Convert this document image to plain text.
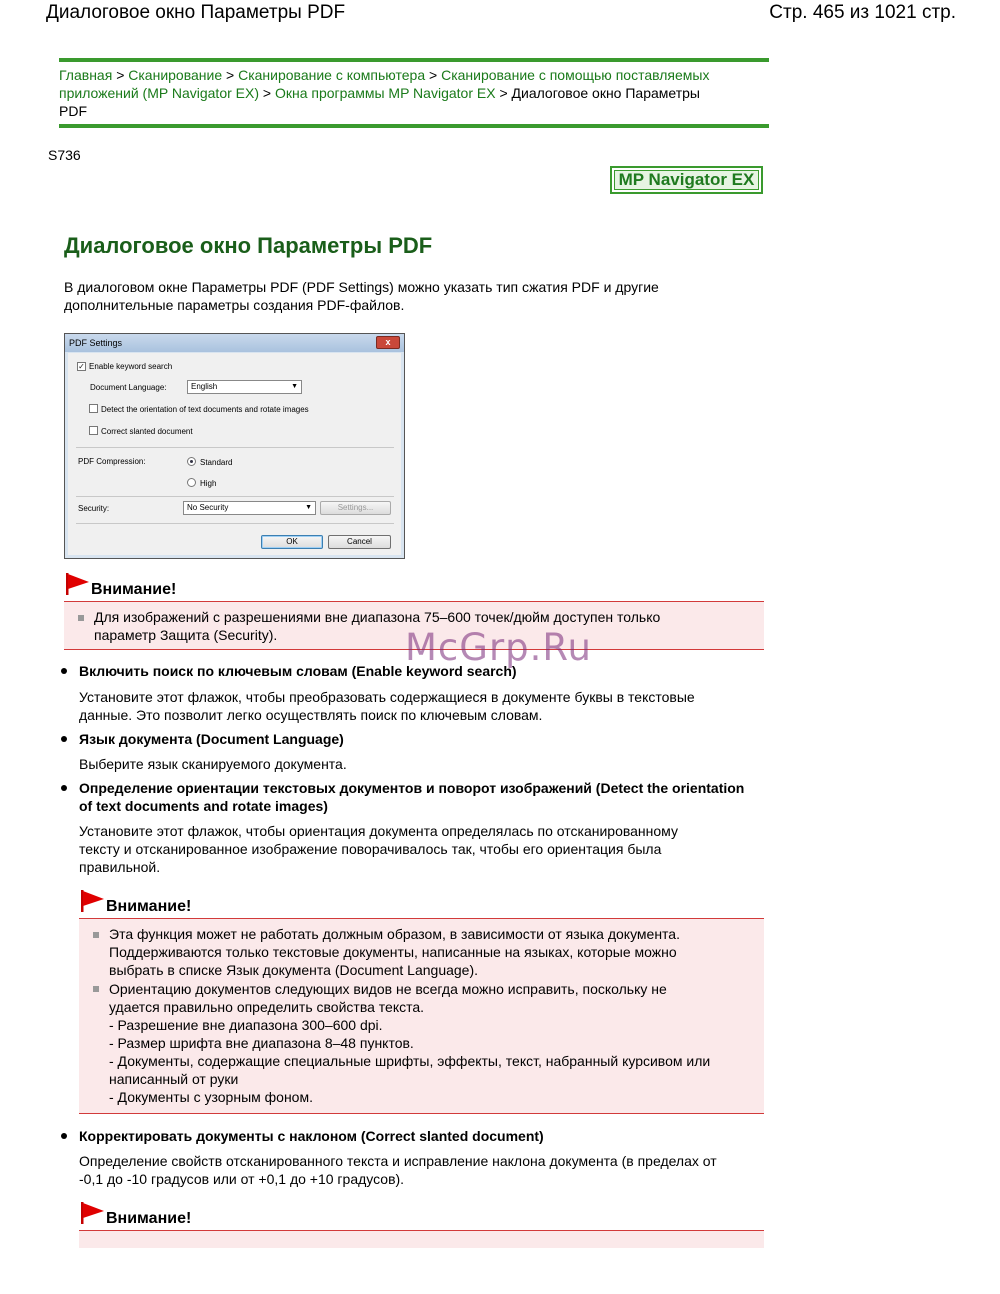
Диалоговое окно Параметры PDF	Стр. 465 из 1021 стр.
Главная > Сканирование > Сканирование с компьютера > Сканирование с помощью поставляемых
приложений (MP Navigator EX) > Окна программы MP Navigator EX > Диалоговое окно Параметры
PDF
S736
MP Navigator EX
Диалоговое окно Параметры PDF
В диалоговом окне Параметры PDF (PDF Settings) можно указать тип сжатия PDF и другие
дополнительные параметры создания PDF-файлов.
PDF Settings	x
✓ Enable keyword search
Document Language:	English	▼
Detect the orientation of text documents and rotate images
Correct slanted document
PDF Compression:	Standard
High
Security:	No Security	▼	Settings...
OK	Cancel
Внимание!
Для изображений с разрешениями вне диапазона 75–600 точек/дюйм доступен только
параметр Защита (Security).
Включить поиск по ключевым словам (Enable keyword search)
Установите этот флажок, чтобы преобразовать содержащиеся в документе буквы в текстовые
данные. Это позволит легко осуществлять поиск по ключевым словам.
Язык документа (Document Language)
Выберите язык сканируемого документа.
Определение ориентации текстовых документов и поворот изображений (Detect the orientation
of text documents and rotate images)
Установите этот флажок, чтобы ориентация документа определялась по отсканированному
тексту и отсканированное изображение поворачивалось так, чтобы его ориентация была
правильной.
Внимание!
Эта функция может не работать должным образом, в зависимости от языка документа.
Поддерживаются только текстовые документы, написанные на языках, которые можно
выбрать в списке Язык документа (Document Language).
Ориентацию документов следующих видов не всегда можно исправить, поскольку не
удается правильно определить свойства текста.
- Разрешение вне диапазона 300–600 dpi.
- Размер шрифта вне диапазона 8–48 пунктов.
- Документы, содержащие специальные шрифты, эффекты, текст, набранный курсивом или
написанный от руки
- Документы с узорным фоном.
Корректировать документы с наклоном (Correct slanted document)
Определение свойств отсканированного текста и исправление наклона документа (в пределах от
-0,1 до -10 градусов или от +0,1 до +10 градусов).
Внимание!
McGrp.Ru
